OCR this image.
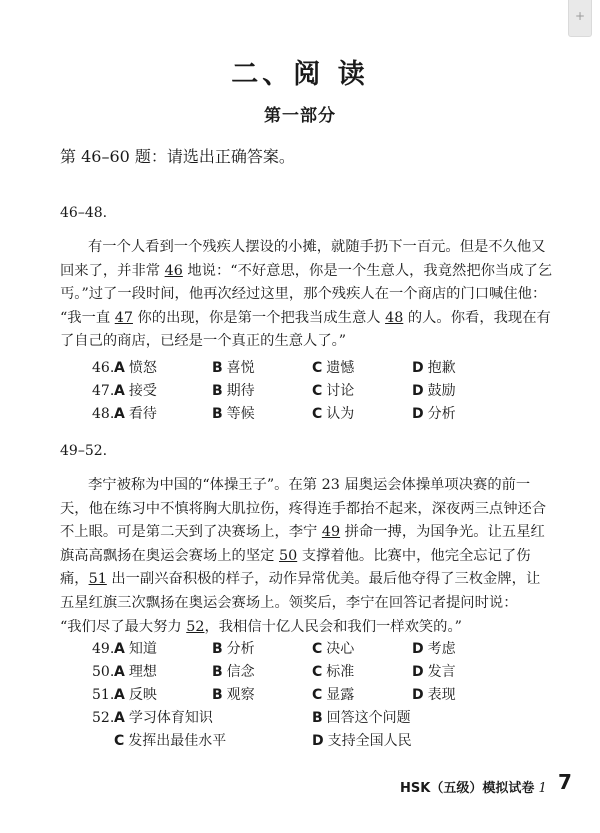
+
二、阅 读
第一部分
第 46–60 题：请选出正确答案。
46–48.
有一个人看到一个残疾人摆设的小摊，就随手扔下一百元。但是不久他又
回来了，并非常 46 地说：“不好意思，你是一个生意人，我竟然把你当成了乞
丐。”过了一段时间，他再次经过这里，那个残疾人在一个商店的门口喊住他：
“我一直 47 你的出现，你是第一个把我当成生意人 48 的人。你看，我现在有
了自己的商店，已经是一个真正的生意人了。”
46. A 愤怒	B 喜悦	C 遗憾	D 抱歉
47. A 接受	B 期待	C 讨论	D 鼓励
48. A 看待	B 等候	C 认为	D 分析
49–52.
李宁被称为中国的“体操王子”。在第 23 届奥运会体操单项决赛的前一
天，他在练习中不慎将胸大肌拉伤，疼得连手都抬不起来，深夜两三点钟还合
不上眼。可是第二天到了决赛场上，李宁 49 拼命一搏，为国争光。让五星红
旗高高飘扬在奥运会赛场上的坚定 50 支撑着他。比赛中，他完全忘记了伤
痛，51 出一副兴奋积极的样子，动作异常优美。最后他夺得了三枚金牌，让
五星红旗三次飘扬在奥运会赛场上。领奖后，李宁在回答记者提问时说：
“我们尽了最大努力 52，我相信十亿人民会和我们一样欢笑的。”
49. A 知道	B 分析	C 决心	D 考虑
50. A 理想	B 信念	C 标准	D 发言
51. A 反映	B 观察	C 显露	D 表现
52. A 学习体育知识	B 回答这个问题
C 发挥出最佳水平	D 支持全国人民
HSK（五级）模拟试卷 1 7
